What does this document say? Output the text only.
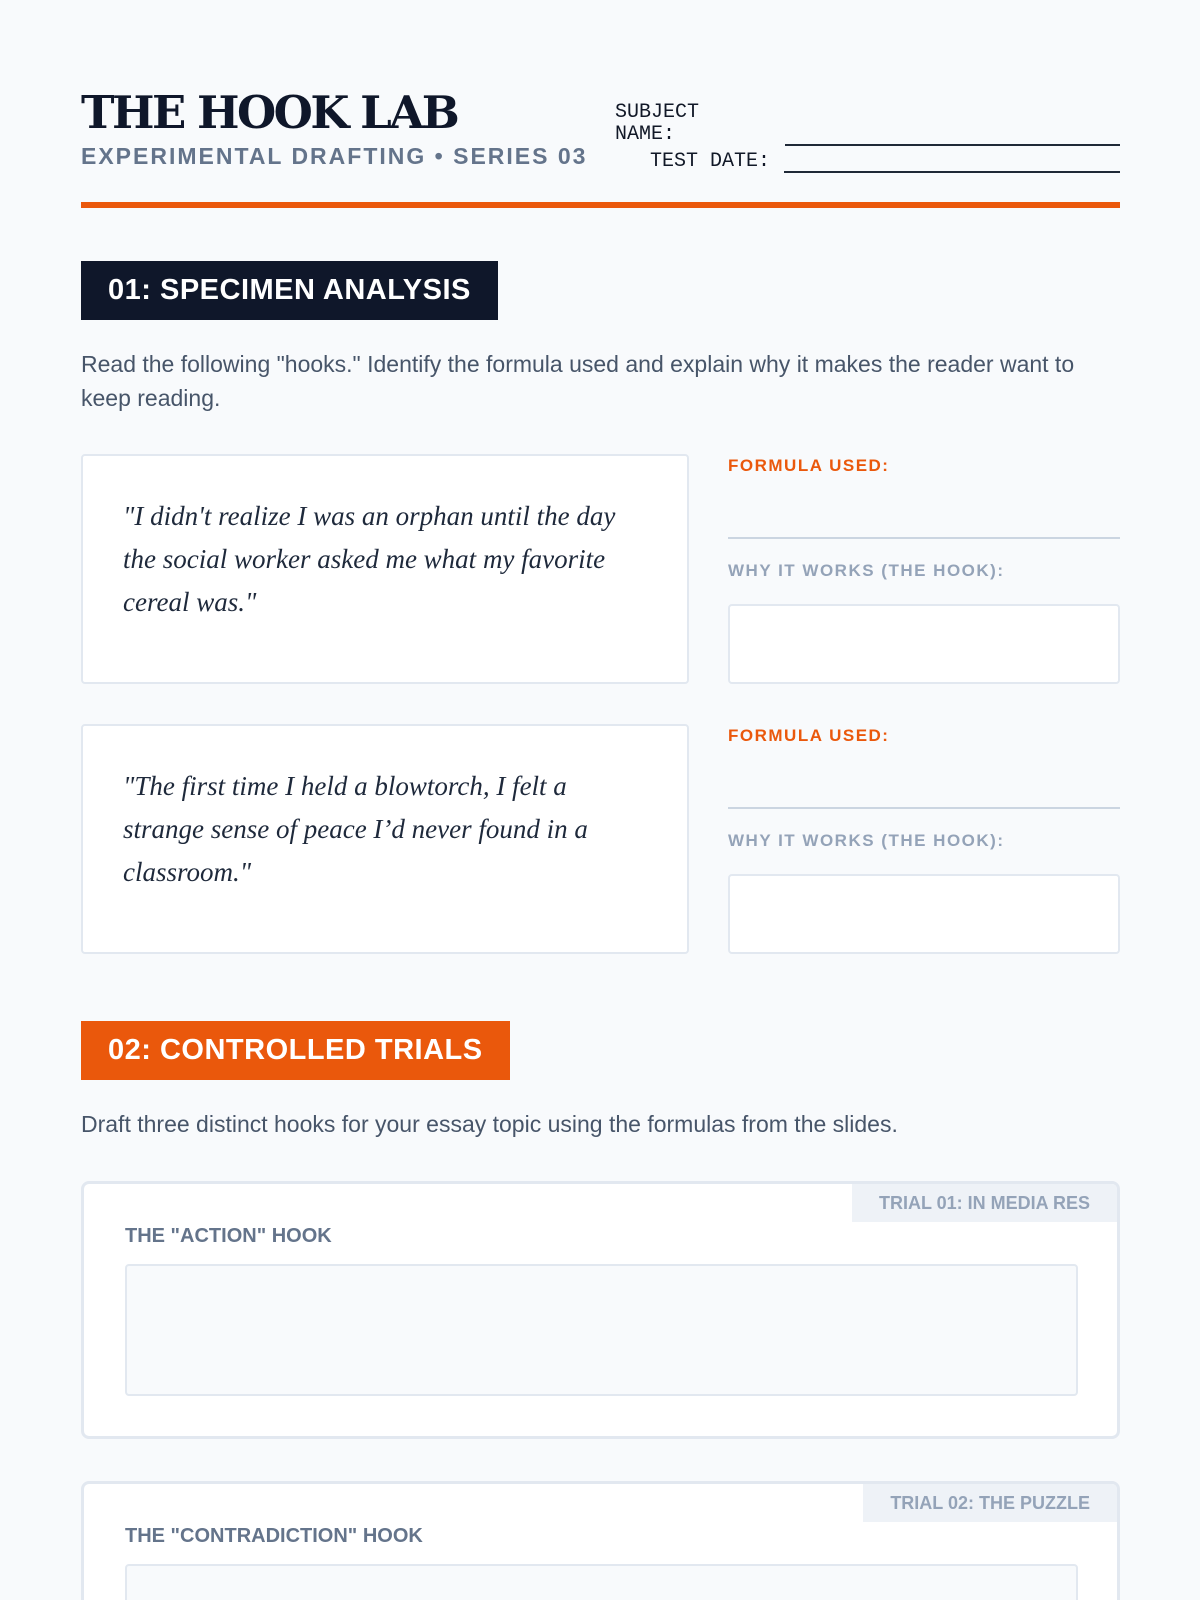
THE HOOK LAB
EXPERIMENTAL DRAFTING • SERIES 03
SUBJECT NAME:
TEST DATE:
01: SPECIMEN ANALYSIS

Read the following "hooks." Identify the formula used and explain why it makes the reader want to keep reading.

"I didn't realize I was an orphan until the day the social worker asked me what my favorite cereal was."

FORMULA USED:
WHY IT WORKS (THE HOOK):

"The first time I held a blowtorch, I felt a strange sense of peace I’d never found in a classroom."

FORMULA USED:
WHY IT WORKS (THE HOOK):
02: CONTROLLED TRIALS

Draft three distinct hooks for your essay topic using the formulas from the slides.

TRIAL 01: IN MEDIA RES
THE "ACTION" HOOK
TRIAL 02: THE PUZZLE
THE "CONTRADICTION" HOOK
